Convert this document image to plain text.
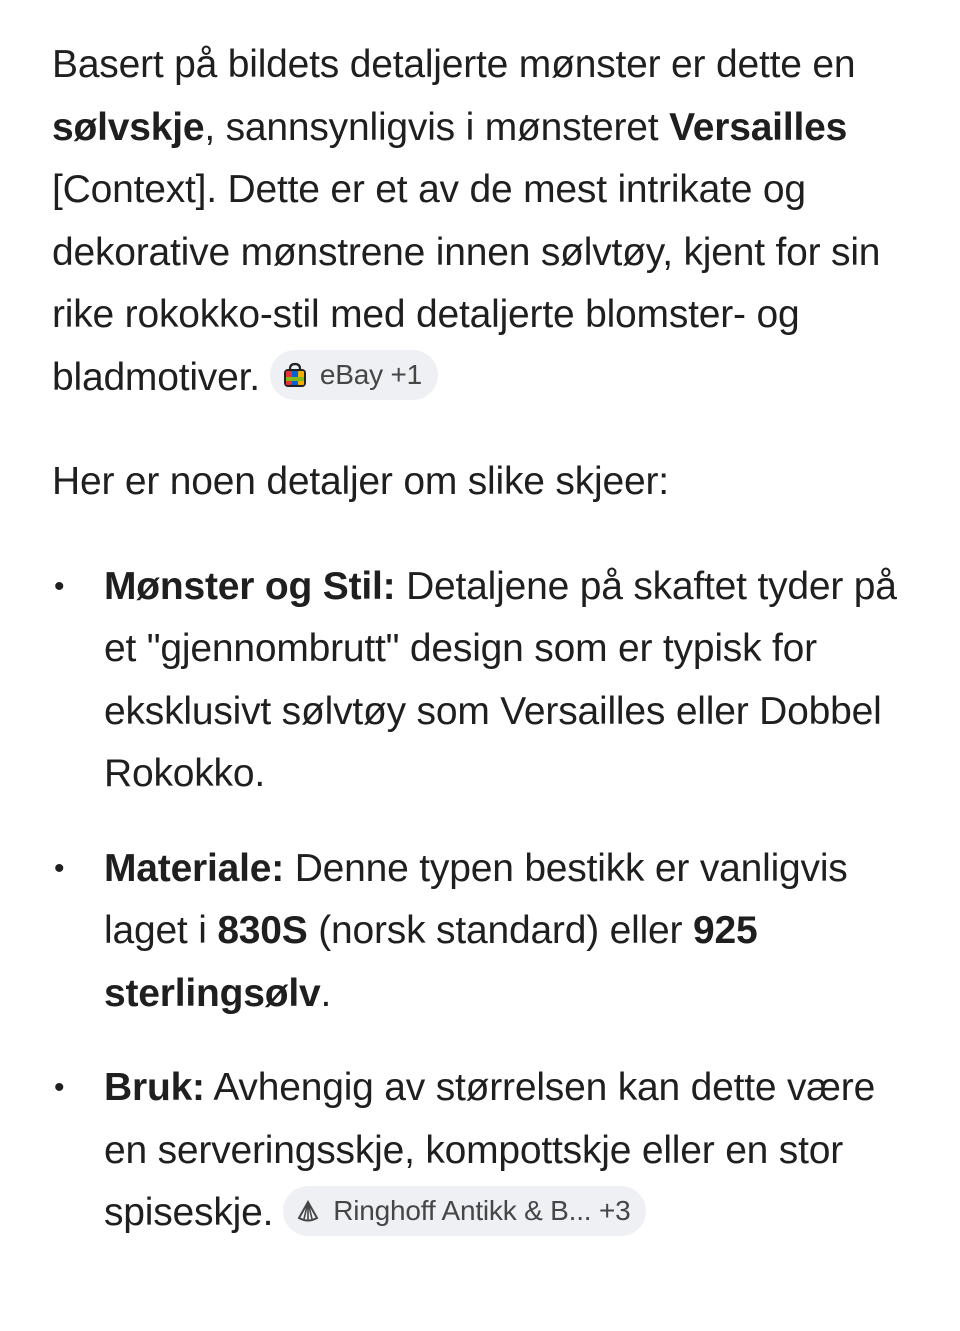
Basert på bildets detaljerte mønster er dette en sølvskje, sannsynligvis i mønsteret Versailles [Context]. Dette er et av de mest intrikate og dekorative mønstrene innen sølvtøy, kjent for sin rike rokokko-stil med detaljerte blomster- og bladmotiver. eBay +1

Her er noen detaljer om slike skjeer:

• Mønster og Stil: Detaljene på skaftet tyder på et "gjennombrutt" design som er typisk for eksklusivt sølvtøy som Versailles eller Dobbel Rokokko.
• Materiale: Denne typen bestikk er vanligvis laget i 830S (norsk standard) eller 925 sterlingsølv.
• Bruk: Avhengig av størrelsen kan dette være en serveringsskje, kompottskje eller en stor spiseskje. Ringhoff Antikk & B... +3
